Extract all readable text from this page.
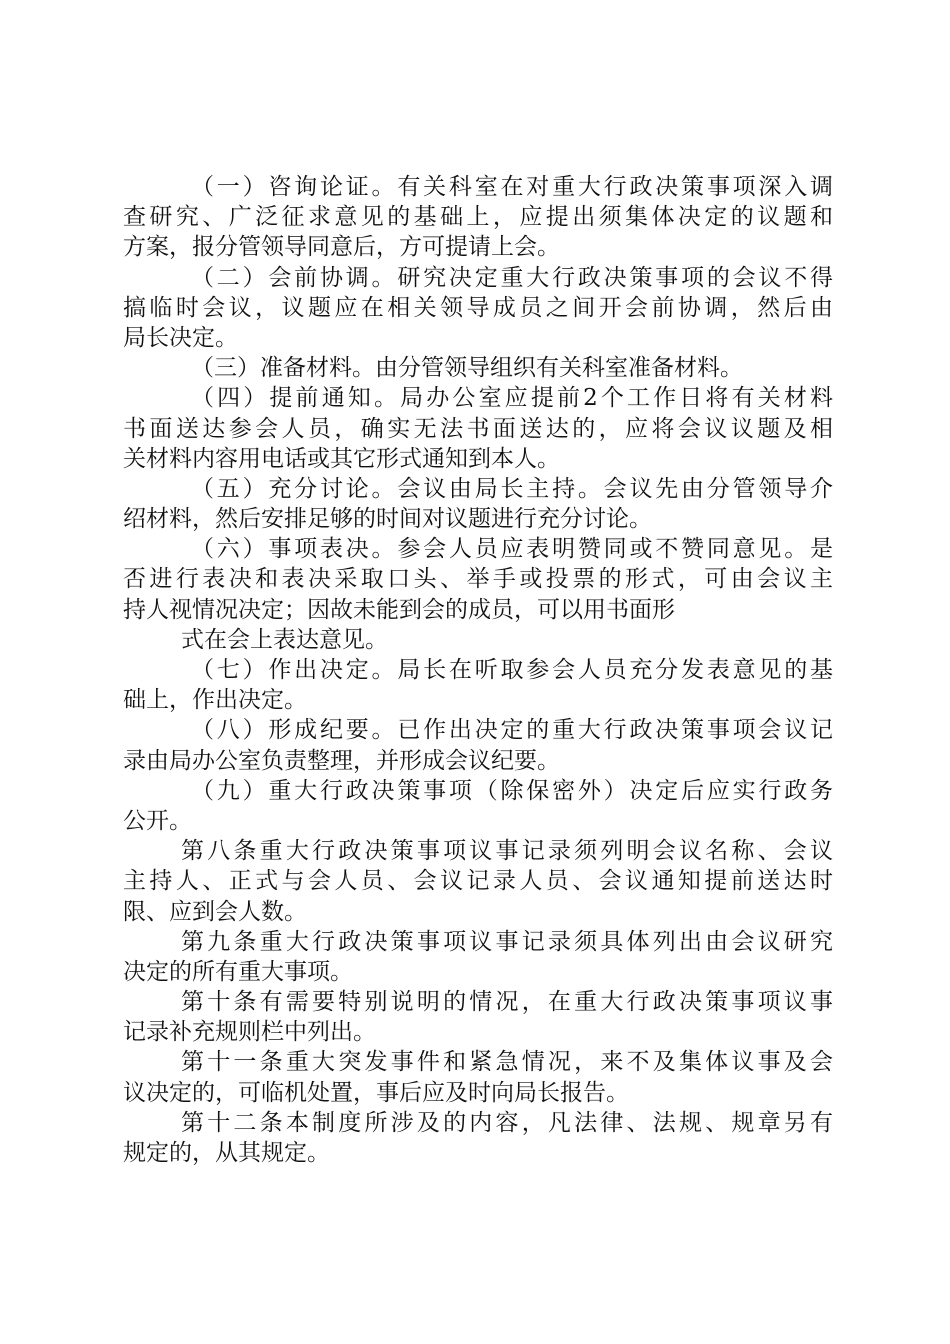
（一）咨询论证。有关科室在对重大行政决策事项深入调
查研究、广泛征求意见的基础上，应提出须集体决定的议题和
方案，报分管领导同意后，方可提请上会。
（二）会前协调。研究决定重大行政决策事项的会议不得
搞临时会议，议题应在相关领导成员之间开会前协调，然后由
局长决定。
（三）准备材料。由分管领导组织有关科室准备材料。
（四）提前通知。局办公室应提前2个工作日将有关材料
书面送达参会人员，确实无法书面送达的，应将会议议题及相
关材料内容用电话或其它形式通知到本人。
（五）充分讨论。会议由局长主持。会议先由分管领导介
绍材料，然后安排足够的时间对议题进行充分讨论。
（六）事项表决。参会人员应表明赞同或不赞同意见。是
否进行表决和表决采取口头、举手或投票的形式，可由会议主
持人视情况决定；因故未能到会的成员，可以用书面形
式在会上表达意见。
（七）作出决定。局长在听取参会人员充分发表意见的基
础上，作出决定。
（八）形成纪要。已作出决定的重大行政决策事项会议记
录由局办公室负责整理，并形成会议纪要。
（九）重大行政决策事项（除保密外）决定后应实行政务
公开。
第八条重大行政决策事项议事记录须列明会议名称、会议
主持人、正式与会人员、会议记录人员、会议通知提前送达时
限、应到会人数。
第九条重大行政决策事项议事记录须具体列出由会议研究
决定的所有重大事项。
第十条有需要特别说明的情况，在重大行政决策事项议事
记录补充规则栏中列出。
第十一条重大突发事件和紧急情况，来不及集体议事及会
议决定的，可临机处置，事后应及时向局长报告。
第十二条本制度所涉及的内容，凡法律、法规、规章另有
规定的，从其规定。
